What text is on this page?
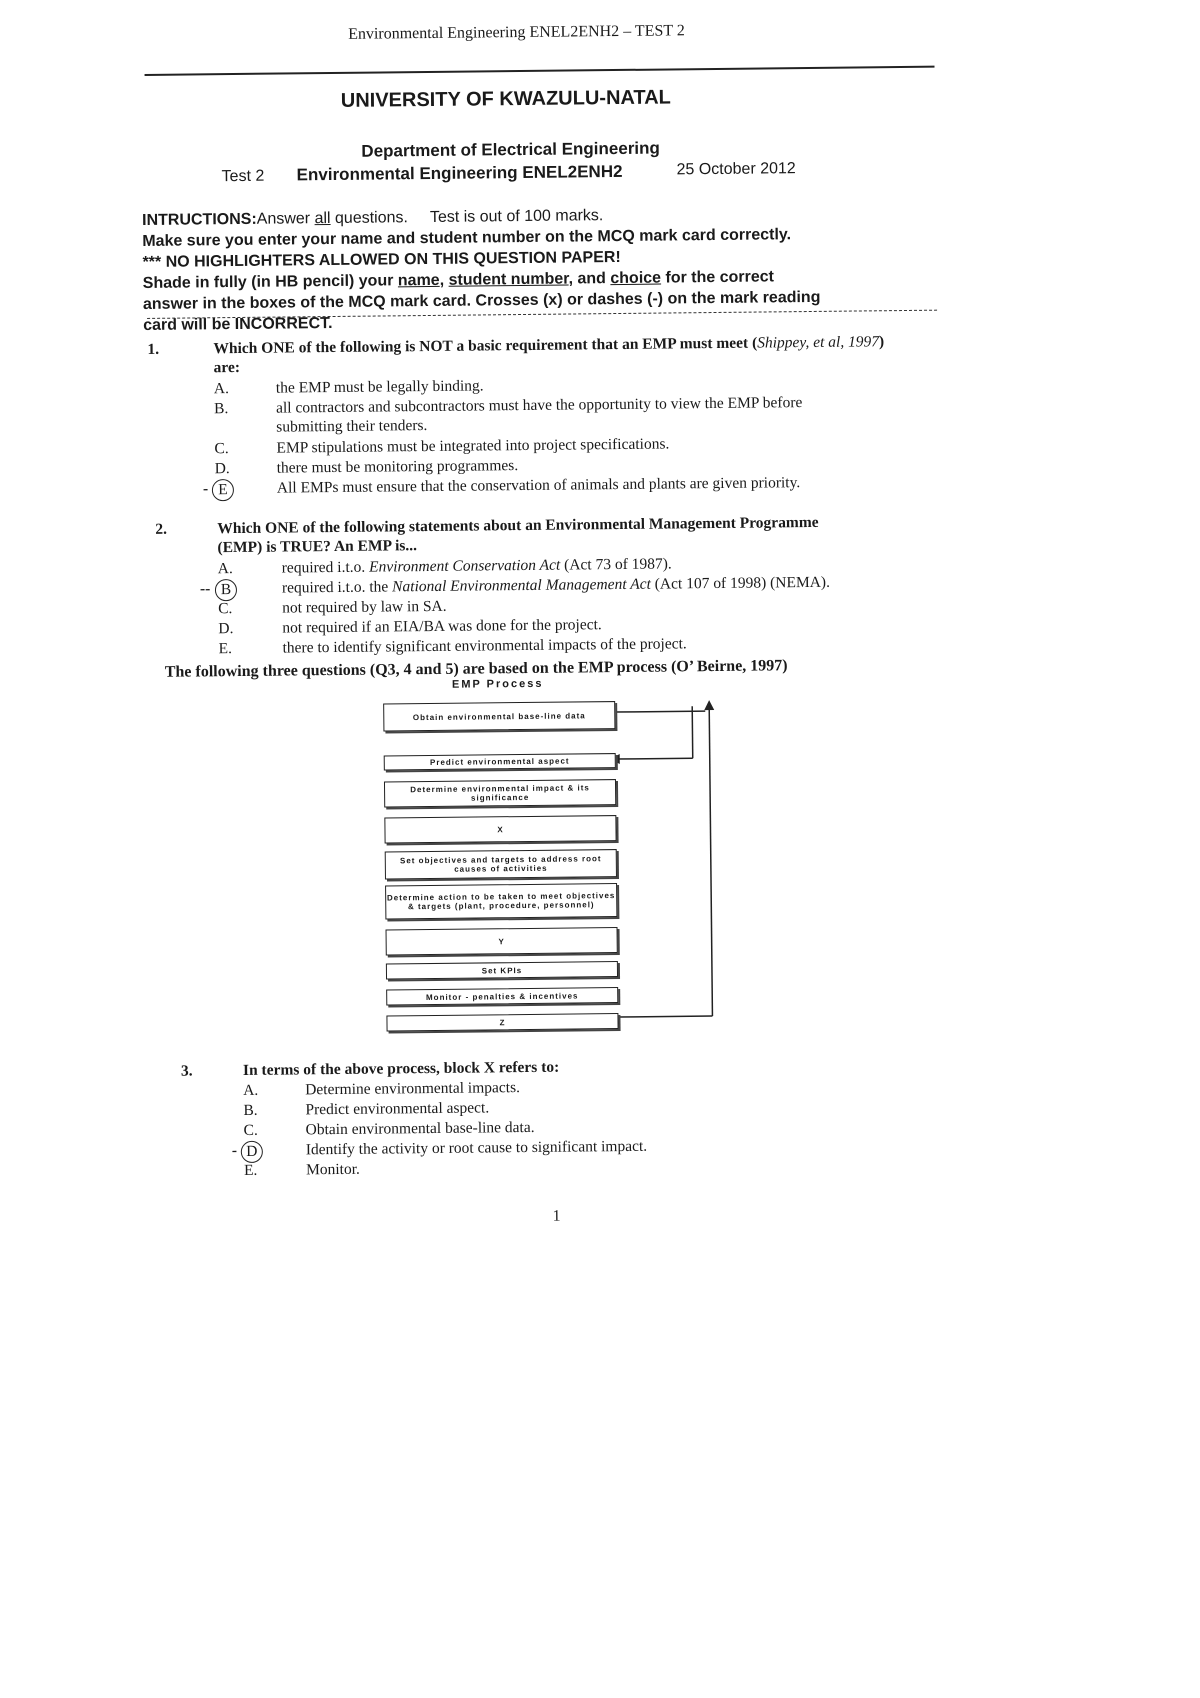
Environmental Engineering ENEL2ENH2 – TEST 2
UNIVERSITY OF KWAZULU-NATAL
Department of Electrical Engineering
Test 2 Environmental Engineering ENEL2ENH2	25 October 2012
INTRUCTIONS:Answer all questions. Test is out of 100 marks.
Make sure you enter your name and student number on the MCQ mark card correctly.
*** NO HIGHLIGHTERS ALLOWED ON THIS QUESTION PAPER!
Shade in fully (in HB pencil) your name, student number, and choice for the correct
answer in the boxes of the MCQ mark card. Crosses (x) or dashes (-) on the mark reading
card will be INCORRECT.
1.	Which ONE of the following is NOT a basic requirement that an EMP must meet (Shippey, et al, 1997) are:
A.	the EMP must be legally binding.
B.	all contractors and subcontractors must have the opportunity to view the EMP before
submitting their tenders.
C.	EMP stipulations must be integrated into project specifications.
D.	there must be monitoring programmes.
- E	All EMPs must ensure that the conservation of animals and plants are given priority.
2.	Which ONE of the following statements about an Environmental Management Programme
(EMP) is TRUE? An EMP is...
A.	required i.t.o. Environment Conservation Act (Act 73 of 1987).
-- B	required i.t.o. the National Environmental Management Act (Act 107 of 1998) (NEMA).
C.	not required by law in SA.
D.	not required if an EIA/BA was done for the project.
E.	there to identify significant environmental impacts of the project.
The following three questions (Q3, 4 and 5) are based on the EMP process (O’ Beirne, 1997)
EMP Process
Obtain environmental base-line data
Predict environmental aspect
Determine environmental impact & its significance
X
Set objectives and targets to address root causes of activities
Determine action to be taken to meet objectives & targets (plant, procedure, personnel)
Y
Set KPIs
Monitor - penalties & incentives
Z
3.	In terms of the above process, block X refers to:
A.	Determine environmental impacts.
B.	Predict environmental aspect.
C.	Obtain environmental base-line data.
- D	Identify the activity or root cause to significant impact.
E.	Monitor.
1
